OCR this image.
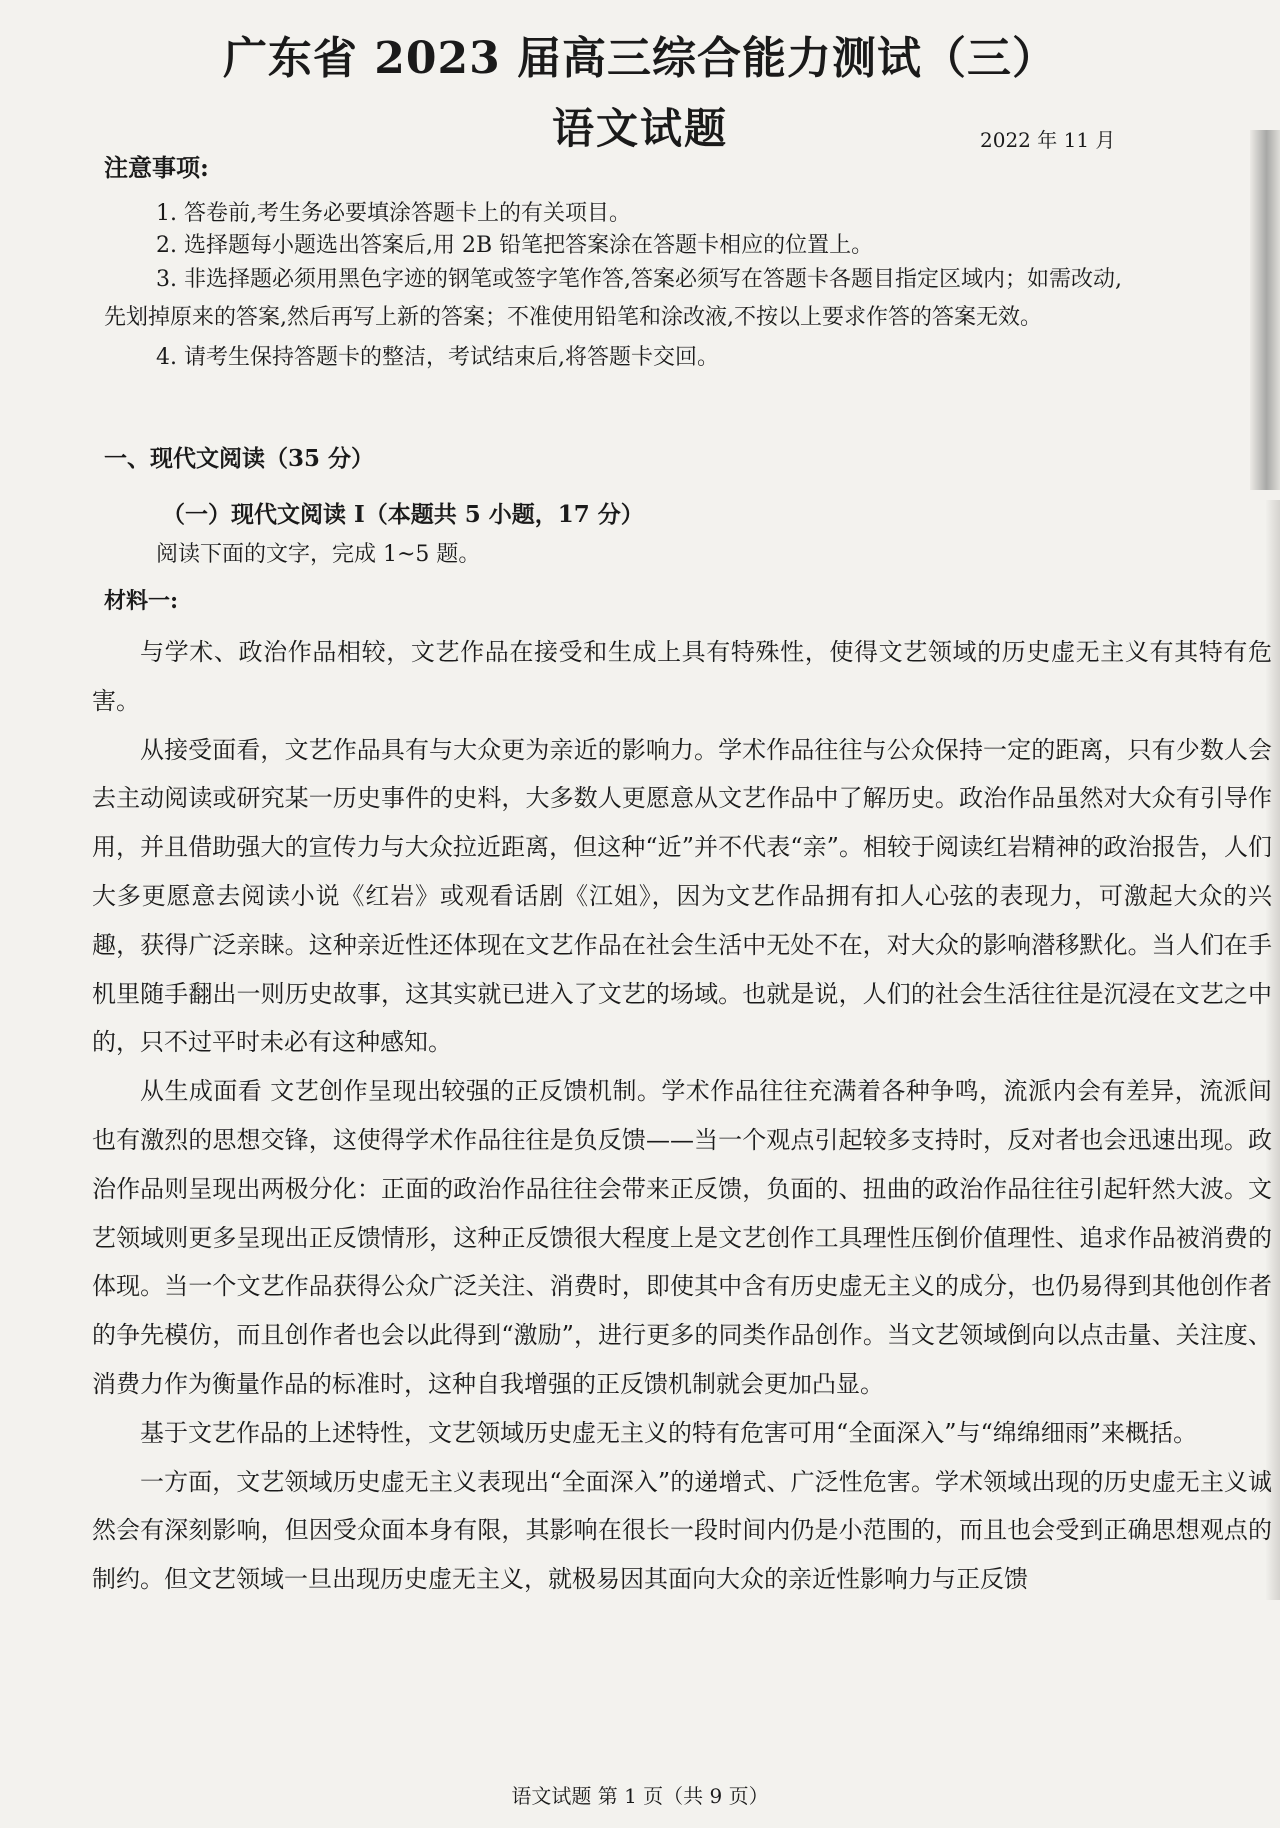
广东省 2023 届高三综合能力测试（三）
语文试题	2022 年 11 月
注意事项:
1. 答卷前,考生务必要填涂答题卡上的有关项目。
2. 选择题每小题选出答案后,用 2B 铅笔把答案涂在答题卡相应的位置上。
3. 非选择题必须用黑色字迹的钢笔或签字笔作答,答案必须写在答题卡各题目指定区域内；如需改动,
先划掉原来的答案,然后再写上新的答案；不准使用铅笔和涂改液,不按以上要求作答的答案无效。
4. 请考生保持答题卡的整洁，考试结束后,将答题卡交回。
一、现代文阅读（35 分）
（一）现代文阅读 I（本题共 5 小题，17 分）
阅读下面的文字，完成 1~5 题。
材料一:

与学术、政治作品相较，文艺作品在接受和生成上具有特殊性，使得文艺领域的历史虚无主义有其特有危害。

从接受面看，文艺作品具有与大众更为亲近的影响力。学术作品往往与公众保持一定的距离，只有少数人会去主动阅读或研究某一历史事件的史料，大多数人更愿意从文艺作品中了解历史。政治作品虽然对大众有引导作用，并且借助强大的宣传力与大众拉近距离，但这种“近”并不代表“亲”。相较于阅读红岩精神的政治报告，人们大多更愿意去阅读小说《红岩》或观看话剧《江姐》，因为文艺作品拥有扣人心弦的表现力，可激起大众的兴趣，获得广泛亲睐。这种亲近性还体现在文艺作品在社会生活中无处不在，对大众的影响潜移默化。当人们在手机里随手翻出一则历史故事，这其实就已进入了文艺的场域。也就是说，人们的社会生活往往是沉浸在文艺之中的，只不过平时未必有这种感知。

从生成面看 文艺创作呈现出较强的正反馈机制。学术作品往往充满着各种争鸣，流派内会有差异，流派间也有激烈的思想交锋，这使得学术作品往往是负反馈——当一个观点引起较多支持时，反对者也会迅速出现。政治作品则呈现出两极分化：正面的政治作品往往会带来正反馈，负面的、扭曲的政治作品往往引起轩然大波。文艺领域则更多呈现出正反馈情形，这种正反馈很大程度上是文艺创作工具理性压倒价值理性、追求作品被消费的体现。当一个文艺作品获得公众广泛关注、消费时，即使其中含有历史虚无主义的成分，也仍易得到其他创作者的争先模仿，而且创作者也会以此得到“激励”，进行更多的同类作品创作。当文艺领域倒向以点击量、关注度、消费力作为衡量作品的标准时，这种自我增强的正反馈机制就会更加凸显。

基于文艺作品的上述特性，文艺领域历史虚无主义的特有危害可用“全面深入”与“绵绵细雨”来概括。

一方面，文艺领域历史虚无主义表现出“全面深入”的递增式、广泛性危害。学术领域出现的历史虚无主义诚然会有深刻影响，但因受众面本身有限，其影响在很长一段时间内仍是小范围的，而且也会受到正确思想观点的制约。但文艺领域一旦出现历史虚无主义，就极易因其面向大众的亲近性影响力与正反馈

语文试题 第 1 页（共 9 页）
